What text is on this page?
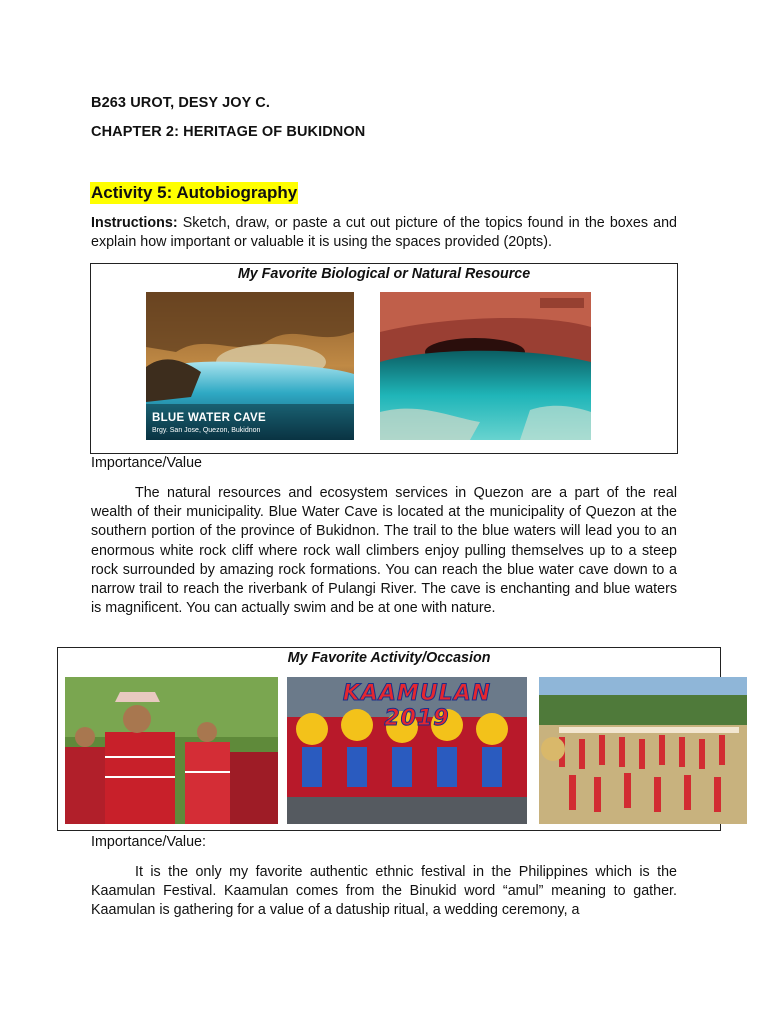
B263 UROT, DESY JOY C.
CHAPTER 2: HERITAGE OF BUKIDNON
Activity 5: Autobiography
Instructions: Sketch, draw, or paste a cut out picture of the topics found in the boxes and explain how important or valuable it is using the spaces provided (20pts).
My Favorite Biological or Natural Resource
BLUE WATER CAVE
Brgy. San Jose, Quezon, Bukidnon
Importance/Value
The natural resources and ecosystem services in Quezon are a part of the real wealth of their municipality. Blue Water Cave is located at the municipality of Quezon at the southern portion of the province of Bukidnon. The trail to the blue waters will lead you to an enormous white rock cliff where rock wall climbers enjoy pulling themselves up to a steep rock surrounded by amazing rock formations. You can reach the blue water cave down to a narrow trail to reach the riverbank of Pulangi River. The cave is enchanting and blue waters is magnificent. You can actually swim and be at one with nature.
My Favorite Activity/Occasion
KAAMULAN 2019
Importance/Value:
It is the only my favorite authentic ethnic festival in the Philippines which is the Kaamulan Festival. Kaamulan comes from the Binukid word “amul” meaning to gather. Kaamulan is gathering for a value of a datuship ritual, a wedding ceremony, a
